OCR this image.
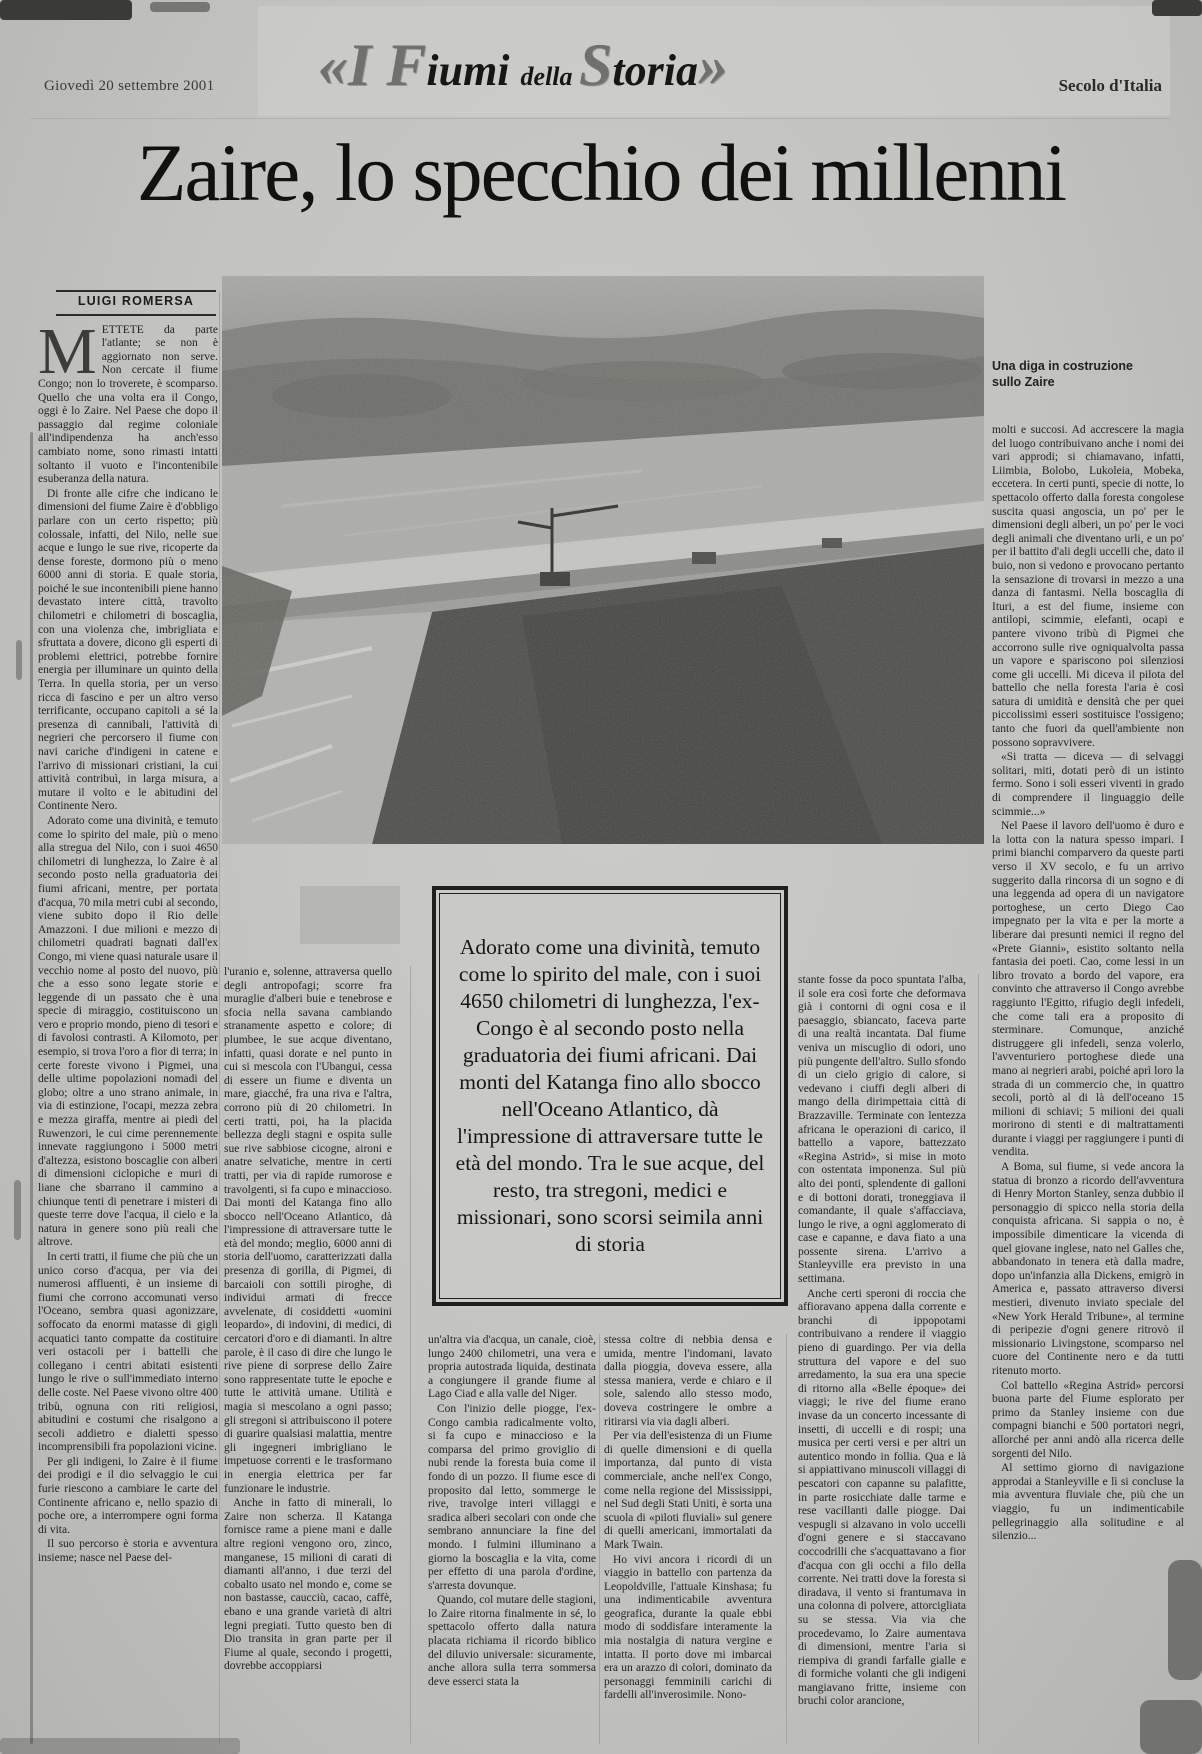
Giovedì 20 settembre 2001	«I Fiumi della Storia»	Secolo d'Italia
Zaire, lo specchio dei millenni
LUIGI ROMERSA

METTETE da parte l'atlante; se non è aggiornato non serve. Non cercate il fiume Congo; non lo troverete, è scomparso. Quello che una volta era il Congo, oggi è lo Zaire. Nel Paese che dopo il passaggio dal regime coloniale all'indipendenza ha anch'esso cambiato nome, sono rimasti intatti soltanto il vuoto e l'incontenibile esuberanza della natura.

Di fronte alle cifre che indicano le dimensioni del fiume Zaire è d'obbligo parlare con un certo rispetto; più colossale, infatti, del Nilo, nelle sue acque e lungo le sue rive, ricoperte da dense foreste, dormono più o meno 6000 anni di storia. E quale storia, poiché le sue incontenibili piene hanno devastato intere città, travolto chilometri e chilometri di boscaglia, con una violenza che, imbrigliata e sfruttata a dovere, dicono gli esperti di problemi elettrici, potrebbe fornire energia per illuminare un quinto della Terra. In quella storia, per un verso ricca di fascino e per un altro verso terrificante, occupano capitoli a sé la presenza di cannibali, l'attività di negrieri che percorsero il fiume con navi cariche d'indigeni in catene e l'arrivo di missionari cristiani, la cui attività contribuì, in larga misura, a mutare il volto e le abitudini del Continente Nero.

Adorato come una divinità, e temuto come lo spirito del male, più o meno alla stregua del Nilo, con i suoi 4650 chilometri di lunghezza, lo Zaire è al secondo posto nella graduatoria dei fiumi africani, mentre, per portata d'acqua, 70 mila metri cubi al secondo, viene subito dopo il Rio delle Amazzoni. I due milioni e mezzo di chilometri quadrati bagnati dall'ex Congo, mi viene quasi naturale usare il vecchio nome al posto del nuovo, più che a esso sono legate storie e leggende di un passato che è una specie di miraggio, costituiscono un vero e proprio mondo, pieno di tesori e di favolosi contrasti. A Kilomoto, per esempio, si trova l'oro a fior di terra; in certe foreste vivono i Pigmei, una delle ultime popolazioni nomadi del globo; oltre a uno strano animale, in via di estinzione, l'ocapi, mezza zebra e mezza giraffa, mentre ai piedi del Ruwenzori, le cui cime perennemente innevate raggiungono i 5000 metri d'altezza, esistono boscaglie con alberi di dimensioni ciclopiche e muri di liane che sbarrano il cammino a chiunque tenti di penetrare i misteri di queste terre dove l'acqua, il cielo e la natura in genere sono più reali che altrove.

In certi tratti, il fiume che più che un unico corso d'acqua, per via dei numerosi affluenti, è un insieme di fiumi che corrono accomunati verso l'Oceano, sembra quasi agonizzare, soffocato da enormi matasse di gigli acquatici tanto compatte da costituire veri ostacoli per i battelli che collegano i centri abitati esistenti lungo le rive o sull'immediato interno delle coste. Nel Paese vivono oltre 400 tribù, ognuna con riti religiosi, abitudini e costumi che risalgono a secoli addietro e dialetti spesso incomprensibili fra popolazioni vicine.

Per gli indigeni, lo Zaire è il fiume dei prodigi e il dio selvaggio le cui furie riescono a cambiare le carte del Continente africano e, nello spazio di poche ore, a interrompere ogni forma di vita.

Il suo percorso è storia e avventura insieme; nasce nel Paese del-

Una diga in costruzione
sullo Zaire

l'uranio e, solenne, attraversa quello degli antropofagi; scorre fra muraglie d'alberi buie e tenebrose e sfocia nella savana cambiando stranamente aspetto e colore; di plumbee, le sue acque diventano, infatti, quasi dorate e nel punto in cui si mescola con l'Ubangui, cessa di essere un fiume e diventa un mare, giacché, fra una riva e l'altra, corrono più di 20 chilometri. In certi tratti, poi, ha la placida bellezza degli stagni e ospita sulle sue rive sabbiose cicogne, aironi e anatre selvatiche, mentre in certi tratti, per via di rapide rumorose e travolgenti, si fa cupo e minaccioso. Dai monti del Katanga fino allo sbocco nell'Oceano Atlantico, dà l'impressione di attraversare tutte le età del mondo; meglio, 6000 anni di storia dell'uomo, caratterizzati dalla presenza di gorilla, di Pigmei, di barcaioli con sottili piroghe, di individui armati di frecce avvelenate, di cosiddetti «uomini leopardo», di indovini, di medici, di cercatori d'oro e di diamanti. In altre parole, è il caso di dire che lungo le rive piene di sorprese dello Zaire sono rappresentate tutte le epoche e tutte le attività umane. Utilità e magia si mescolano a ogni passo; gli stregoni si attribuiscono il potere di guarire qualsiasi malattia, mentre gli ingegneri imbrigliano le impetuose correnti e le trasformano in energia elettrica per far funzionare le industrie.

Anche in fatto di minerali, lo Zaire non scherza. Il Katanga fornisce rame a piene mani e dalle altre regioni vengono oro, zinco, manganese, 15 milioni di carati di diamanti all'anno, i due terzi del cobalto usato nel mondo e, come se non bastasse, caucciù, cacao, caffè, ebano e una grande varietà di altri legni pregiati. Tutto questo ben di Dio transita in gran parte per il Fiume al quale, secondo i progetti, dovrebbe accoppiarsi

Adorato come una divinità, temuto come lo spirito del male, con i suoi 4650 chilometri di lunghezza, l'ex-Congo è al secondo posto nella graduatoria dei fiumi africani. Dai monti del Katanga fino allo sbocco nell'Oceano Atlantico, dà l'impressione di attraversare tutte le età del mondo. Tra le sue acque, del resto, tra stregoni, medici e missionari, sono scorsi seimila anni di storia

un'altra via d'acqua, un canale, cioè, lungo 2400 chilometri, una vera e propria autostrada liquida, destinata a congiungere il grande fiume al Lago Ciad e alla valle del Niger.

Con l'inizio delle piogge, l'ex-Congo cambia radicalmente volto, si fa cupo e minaccioso e la comparsa del primo groviglio di nubi rende la foresta buia come il fondo di un pozzo. Il fiume esce di proposito dal letto, sommerge le rive, travolge interi villaggi e sradica alberi secolari con onde che sembrano annunciare la fine del mondo. I fulmini illuminano a giorno la boscaglia e la vita, come per effetto di una parola d'ordine, s'arresta dovunque.

Quando, col mutare delle stagioni, lo Zaire ritorna finalmente in sé, lo spettacolo offerto dalla natura placata richiama il ricordo biblico del diluvio universale: sicuramente, anche allora sulla terra sommersa deve esserci stata la

stessa coltre di nebbia densa e umida, mentre l'indomani, lavato dalla pioggia, doveva essere, alla stessa maniera, verde e chiaro e il sole, salendo allo stesso modo, doveva costringere le ombre a ritirarsi via via dagli alberi.

Per via dell'esistenza di un Fiume di quelle dimensioni e di quella importanza, dal punto di vista commerciale, anche nell'ex Congo, come nella regione del Mississippi, nel Sud degli Stati Uniti, è sorta una scuola di «piloti fluviali» sul genere di quelli americani, immortalati da Mark Twain.

Ho vivi ancora i ricordi di un viaggio in battello con partenza da Leopoldville, l'attuale Kinshasa; fu una indimenticabile avventura geografica, durante la quale ebbi modo di soddisfare interamente la mia nostalgia di natura vergine e intatta. Il porto dove mi imbarcai era un arazzo di colori, dominato da personaggi femminili carichi di fardelli all'inverosimile. Nono-

stante fosse da poco spuntata l'alba, il sole era così forte che deformava già i contorni di ogni cosa e il paesaggio, sbiancato, faceva parte di una realtà incantata. Dal fiume veniva un miscuglio di odori, uno più pungente dell'altro. Sullo sfondo di un cielo grigio di calore, si vedevano i ciuffi degli alberi di mango della dirimpettaia città di Brazzaville. Terminate con lentezza africana le operazioni di carico, il battello a vapore, battezzato «Regina Astrid», si mise in moto con ostentata imponenza. Sul più alto dei ponti, splendente di galloni e di bottoni dorati, troneggiava il comandante, il quale s'affacciava, lungo le rive, a ogni agglomerato di case e capanne, e dava fiato a una possente sirena. L'arrivo a Stanleyville era previsto in una settimana.

Anche certi speroni di roccia che affioravano appena dalla corrente e branchi di ippopotami contribuivano a rendere il viaggio pieno di guardingo. Per via della struttura del vapore e del suo arredamento, la sua era una specie di ritorno alla «Belle époque» dei viaggi; le rive del fiume erano invase da un concerto incessante di insetti, di uccelli e di rospi; una musica per certi versi e per altri un autentico mondo in follia. Qua e là si appiattivano minuscoli villaggi di pescatori con capanne su palafitte, in parte rosicchiate dalle tarme e rese vacillanti dalle piogge. Dai vespugli si alzavano in volo uccelli d'ogni genere e si staccavano coccodrilli che s'acquattavano a fior d'acqua con gli occhi a filo della corrente. Nei tratti dove la foresta si diradava, il vento si frantumava in una colonna di polvere, attorcigliata su se stessa. Via via che procedevamo, lo Zaire aumentava di dimensioni, mentre l'aria si riempiva di grandi farfalle gialle e di formiche volanti che gli indigeni mangiavano fritte, insieme con bruchi color arancione,

molti e succosi. Ad accrescere la magia del luogo contribuivano anche i nomi dei vari approdi; si chiamavano, infatti, Liimbia, Bolobo, Lukoleia, Mobeka, eccetera. In certi punti, specie di notte, lo spettacolo offerto dalla foresta congolese suscita quasi angoscia, un po' per le dimensioni degli alberi, un po' per le voci degli animali che diventano urli, e un po' per il battito d'ali degli uccelli che, dato il buio, non si vedono e provocano pertanto la sensazione di trovarsi in mezzo a una danza di fantasmi. Nella boscaglia di Ituri, a est del fiume, insieme con antilopi, scimmie, elefanti, ocapi e pantere vivono tribù di Pigmei che accorrono sulle rive ogniqualvolta passa un vapore e spariscono poi silenziosi come gli uccelli. Mi diceva il pilota del battello che nella foresta l'aria è così satura di umidità e densità che per quei piccolissimi esseri sostituisce l'ossigeno; tanto che fuori da quell'ambiente non possono sopravvivere.

«Si tratta — diceva — di selvaggi solitari, miti, dotati però di un istinto fermo. Sono i soli esseri viventi in grado di comprendere il linguaggio delle scimmie...»

Nel Paese il lavoro dell'uomo è duro e la lotta con la natura spesso impari. I primi bianchi comparvero da queste parti verso il XV secolo, e fu un arrivo suggerito dalla rincorsa di un sogno e di una leggenda ad opera di un navigatore portoghese, un certo Diego Cao impegnato per la vita e per la morte a liberare dai presunti nemici il regno del «Prete Gianni», esistito soltanto nella fantasia dei poeti. Cao, come lessi in un libro trovato a bordo del vapore, era convinto che attraverso il Congo avrebbe raggiunto l'Egitto, rifugio degli infedeli, che come tali era a proposito di sterminare. Comunque, anziché distruggere gli infedeli, senza volerlo, l'avventuriero portoghese diede una mano ai negrieri arabi, poiché aprì loro la strada di un commercio che, in quattro secoli, portò al di là dell'oceano 15 milioni di schiavi; 5 milioni dei quali morirono di stenti e di maltrattamenti durante i viaggi per raggiungere i punti di vendita.

A Boma, sul fiume, si vede ancora la statua di bronzo a ricordo dell'avventura di Henry Morton Stanley, senza dubbio il personaggio di spicco nella storia della conquista africana. Si sappia o no, è impossibile dimenticare la vicenda di quel giovane inglese, nato nel Galles che, abbandonato in tenera età dalla madre, dopo un'infanzia alla Dickens, emigrò in America e, passato attraverso diversi mestieri, divenuto inviato speciale del «New York Herald Tribune», al termine di peripezie d'ogni genere ritrovò il missionario Livingstone, scomparso nel cuore del Continente nero e da tutti ritenuto morto.

Col battello «Regina Astrid» percorsi buona parte del Fiume esplorato per primo da Stanley insieme con due compagni bianchi e 500 portatori negri, allorché per anni andò alla ricerca delle sorgenti del Nilo.

Al settimo giorno di navigazione approdai a Stanleyville e lì si concluse la mia avventura fluviale che, più che un viaggio, fu un indimenticabile pellegrinaggio alla solitudine e al silenzio...
